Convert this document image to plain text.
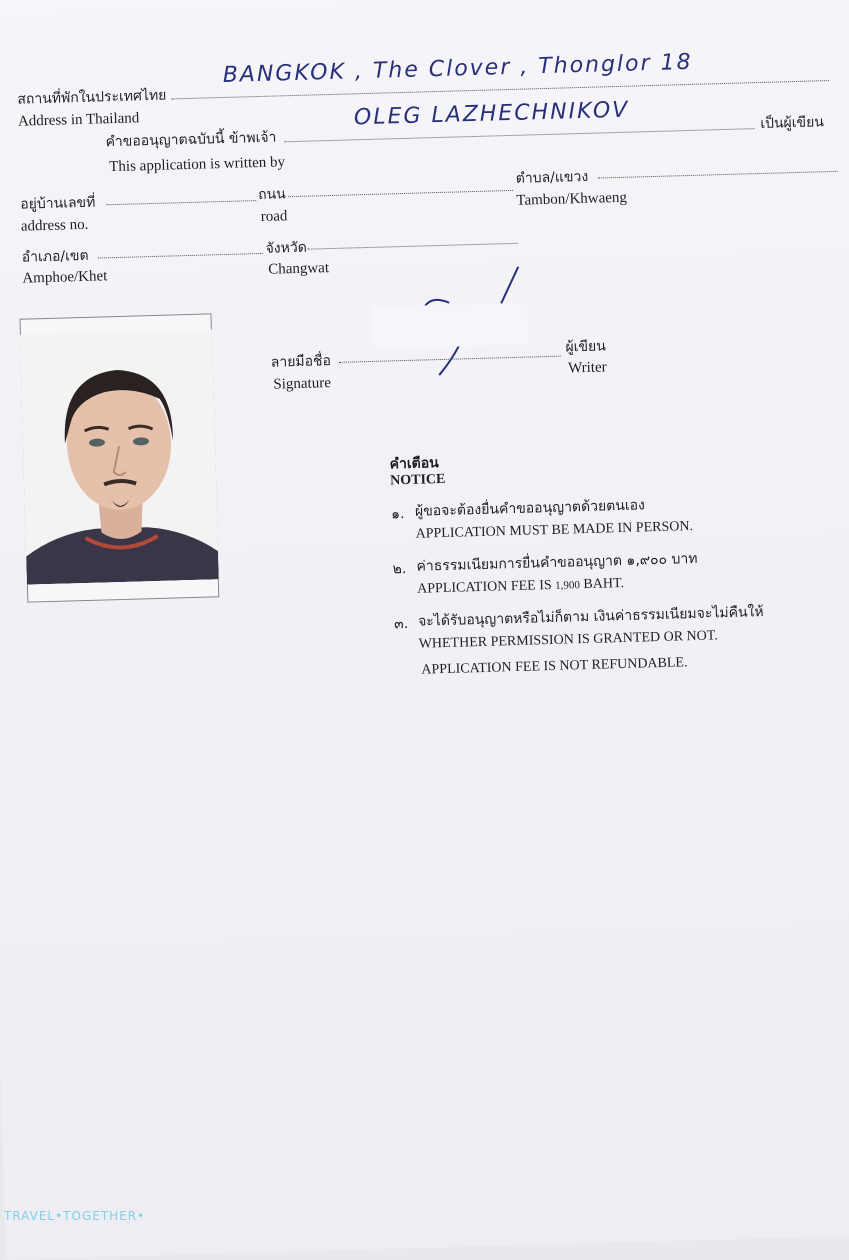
สถานที่พักในประเทศไทย
BANGKOK , The Clover , Thonglor 18
Address in Thailand
คำขออนุญาตฉบับนี้ ข้าพเจ้า
OLEG LAZHECHNIKOV	เป็นผู้เขียน
This application is written by
อยู่บ้านเลขที่
address no.
ถนน
road
ตำบล/แขวง
Tambon/Khwaeng
อำเภอ/เขต
Amphoe/Khet
จังหวัด
Changwat
ลายมือชื่อ
Signature
ผู้เขียน
Writer
คำเตือน
NOTICE
๑. ผู้ขอจะต้องยื่นคำขออนุญาตด้วยตนเอง
APPLICATION MUST BE MADE IN PERSON.
๒. ค่าธรรมเนียมการยื่นคำขออนุญาต ๑,๙๐๐ บาท
APPLICATION FEE IS 1,900 BAHT.
๓. จะได้รับอนุญาตหรือไม่ก็ตาม เงินค่าธรรมเนียมจะไม่คืนให้
WHETHER PERMISSION IS GRANTED OR NOT.
APPLICATION FEE IS NOT REFUNDABLE.
TRAVEL•TOGETHER•
